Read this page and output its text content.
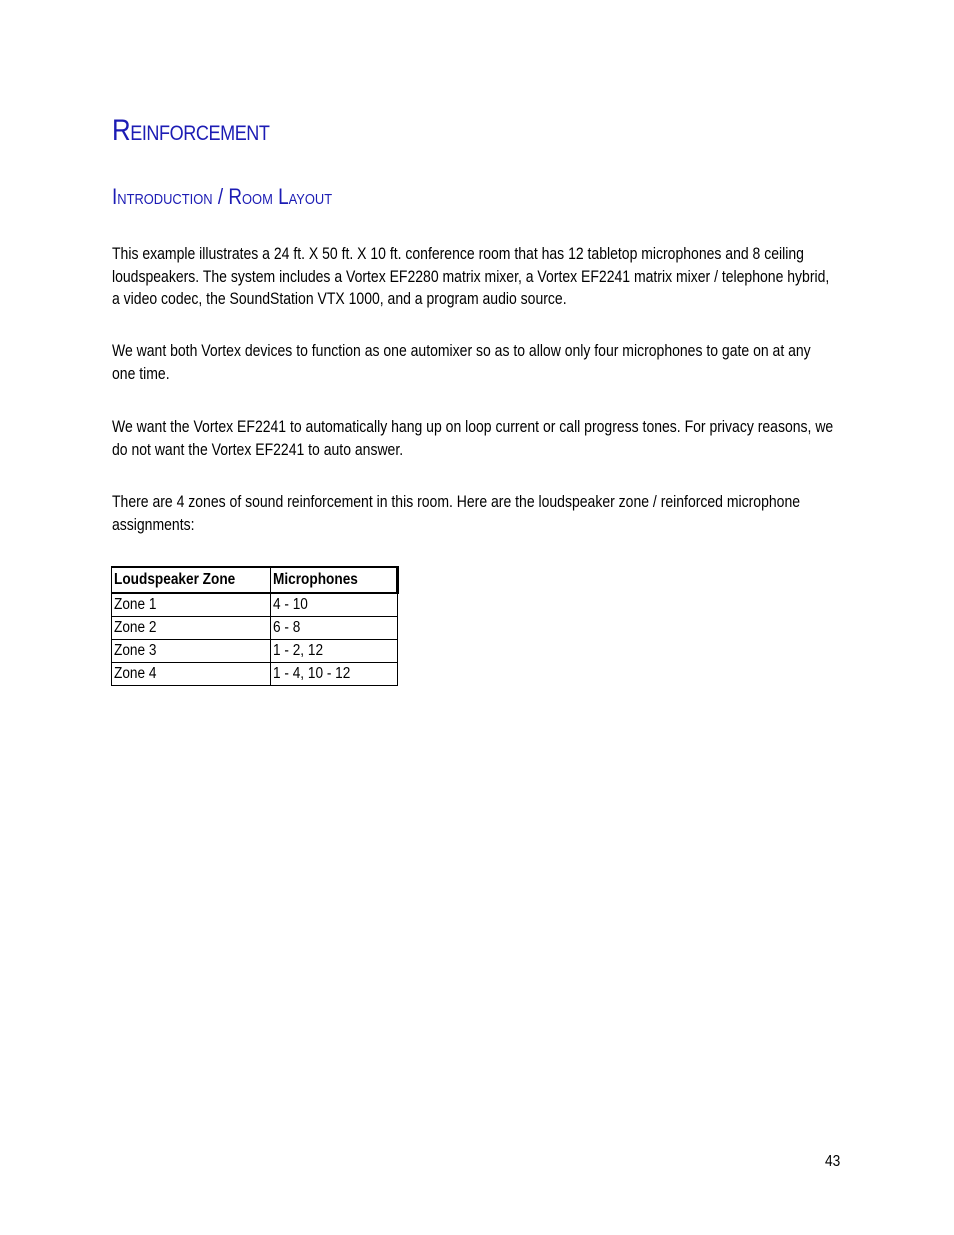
Reinforcement
Introduction / Room Layout

This example illustrates a 24 ft. X 50 ft. X 10 ft. conference room that has 12 tabletop microphones and 8 ceiling loudspeakers. The system includes a Vortex EF2280 matrix mixer, a Vortex EF2241 matrix mixer / telephone hybrid, a video codec, the SoundStation VTX 1000, and a program audio source.

We want both Vortex devices to function as one automixer so as to allow only four microphones to gate on at any one time.

We want the Vortex EF2241 to automatically hang up on loop current or call progress tones. For privacy reasons, we do not want the Vortex EF2241 to auto answer.

There are 4 zones of sound reinforcement in this room. Here are the loudspeaker zone / reinforced microphone assignments:

Loudspeaker Zone	Microphones
Zone 1	4 - 10
Zone 2	6 - 8
Zone 3	1 - 2, 12
Zone 4	1 - 4, 10 - 12
43
